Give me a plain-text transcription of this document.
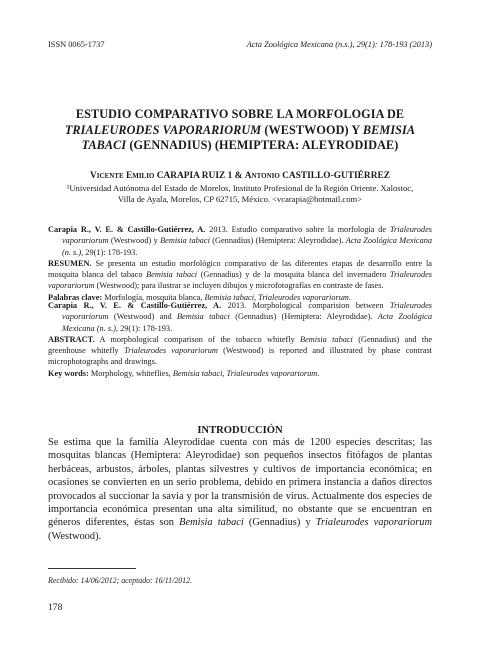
ISSN 0065-1737	Acta Zoológica Mexicana (n.s.), 29(1): 178-193 (2013)
ESTUDIO COMPARATIVO SOBRE LA MORFOLOGIA DE
TRIALEURODES VAPORARIORUM (WESTWOOD) Y BEMISIA
TABACI (GENNADIUS) (HEMIPTERA: ALEYRODIDAE)
Vicente Emilio CARAPIA RUIZ 1 & Antonio CASTILLO-GUTIÉRREZ
¹Universidad Autónoma del Estado de Morelos, Instituto Profesional de la Región Oriente. Xalostoc,
Villa de Ayala, Morelos, CP 62715, México. <vcarapia@hotmail.com>

Carapia R., V. E. & Castillo-Gutiérrez, A. 2013. Estudio comparativo sobre la morfología de Trialeurodes vaporariorum (Westwood) y Bemisia tabaci (Gennadius) (Hemiptera: Aleyrodidae). Acta Zoológica Mexicana (n. s.), 29(1): 178-193.

RESUMEN. Se presenta un estudio morfológico comparativo de las diferentes etapas de desarrollo entre la mosquita blanca del tabaco Bemisia tabaci (Gennadius) y de la mosquita blanca del invernadero Trialeurodes vaporariorum (Westwood); para ilustrar se incluyen dibujos y microfotografías en contraste de fases.

Palabras clave: Morfología, mosquita blanca, Bemisia tabaci, Trialeurodes vaporariorum.

Carapia R., V. E. & Castillo-Gutiérrez, A. 2013. Morphological comparision between Trialeurodes vaporariorum (Westwood) and Bemisia tabaci (Gennadius) (Hemiptera: Aleyrodidae). Acta Zoológica Mexicana (n. s.), 29(1): 178-193.

ABSTRACT. A morphological comparison of the tobacco whitefly Bemisia tabaci (Gennadius) and the greenhouse whitefly Trialeurodes vaporariorum (Westwood) is reported and illustrated by phase contrast microphotographs and drawings.

Key words: Morphology, whiteflies, Bemisia tabaci, Trialeurodes vaporariorum.

INTRODUCCIÓN
Se estima que la familia Aleyrodidae cuenta con más de 1200 especies descritas; las mosquitas blancas (Hemiptera: Aleyrodidae) son pequeños insectos fitófagos de plantas herbáceas, arbustos, árboles, plantas silvestres y cultivos de importancia económica; en ocasiones se convierten en un serio problema, debido en primera instancia a daños directos provocados al succionar la savia y por la transmisión de virus. Actualmente dos especies de importancia económica presentan una alta similitud, no obstante que se encuentran en géneros diferentes, éstas son Bemisia tabaci (Gennadius) y Trialeurodes vaporariorum (Westwood).
Recibido: 14/06/2012; aceptado: 16/11/2012.
178
